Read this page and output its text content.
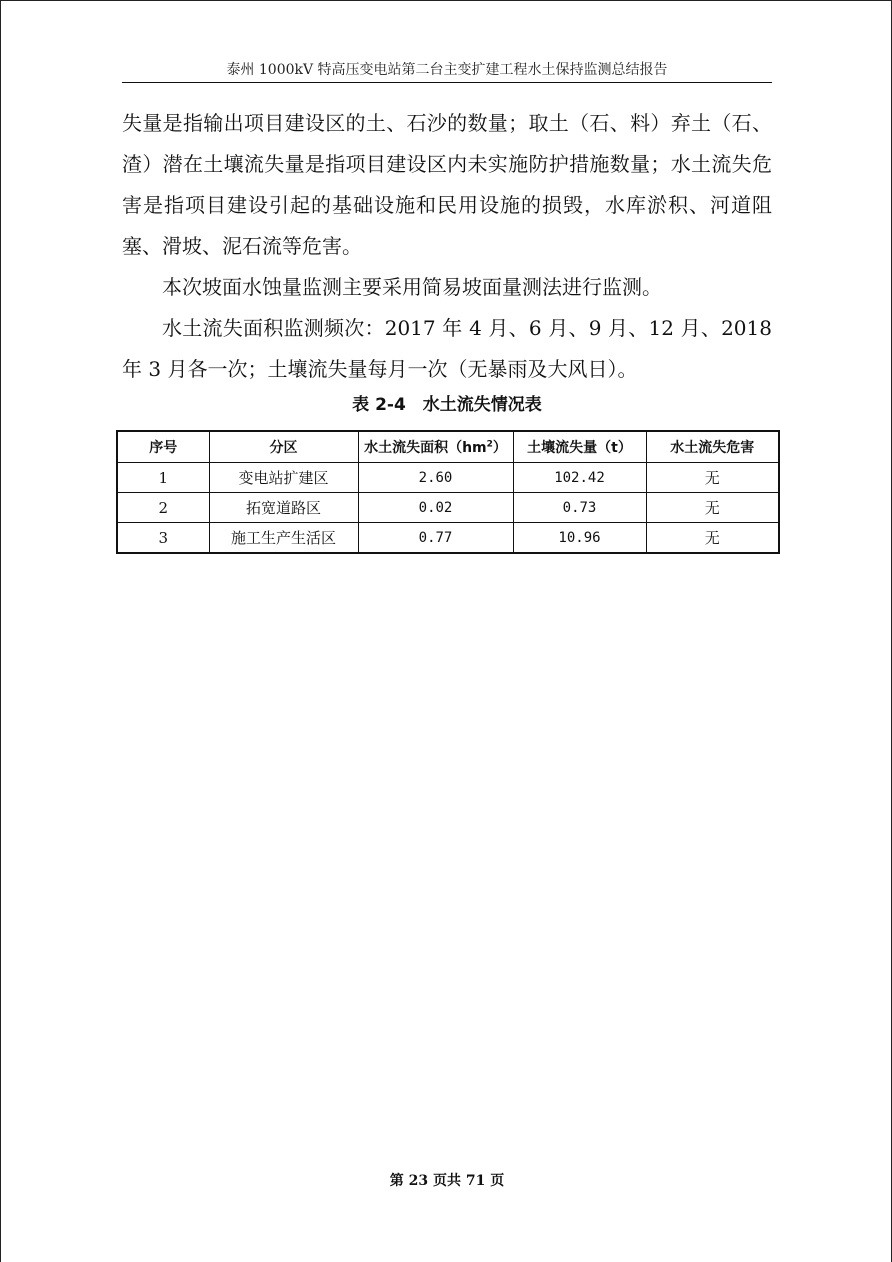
泰州 1000kV 特高压变电站第二台主变扩建工程水土保持监测总结报告

失量是指输出项目建设区的土、石沙的数量；取土（石、料）弃土（石、渣）潜在土壤流失量是指项目建设区内未实施防护措施数量；水土流失危害是指项目建设引起的基础设施和民用设施的损毁，水库淤积、河道阻塞、滑坡、泥石流等危害。

本次坡面水蚀量监测主要采用简易坡面量测法进行监测。

水土流失面积监测频次：2017 年 4 月、6 月、9 月、12 月、2018 年 3 月各一次；土壤流失量每月一次（无暴雨及大风日）。

表 2-4　水土流失情况表
序号	分区	水土流失面积$(hm^2)$	土壤流失量（t）	水土流失危害
1	变电站扩建区	2.60	102.42	无
2	拓宽道路区	0.02	0.73	无
3	施工生产生活区	0.77	10.96	无
第 23 页共 71 页
